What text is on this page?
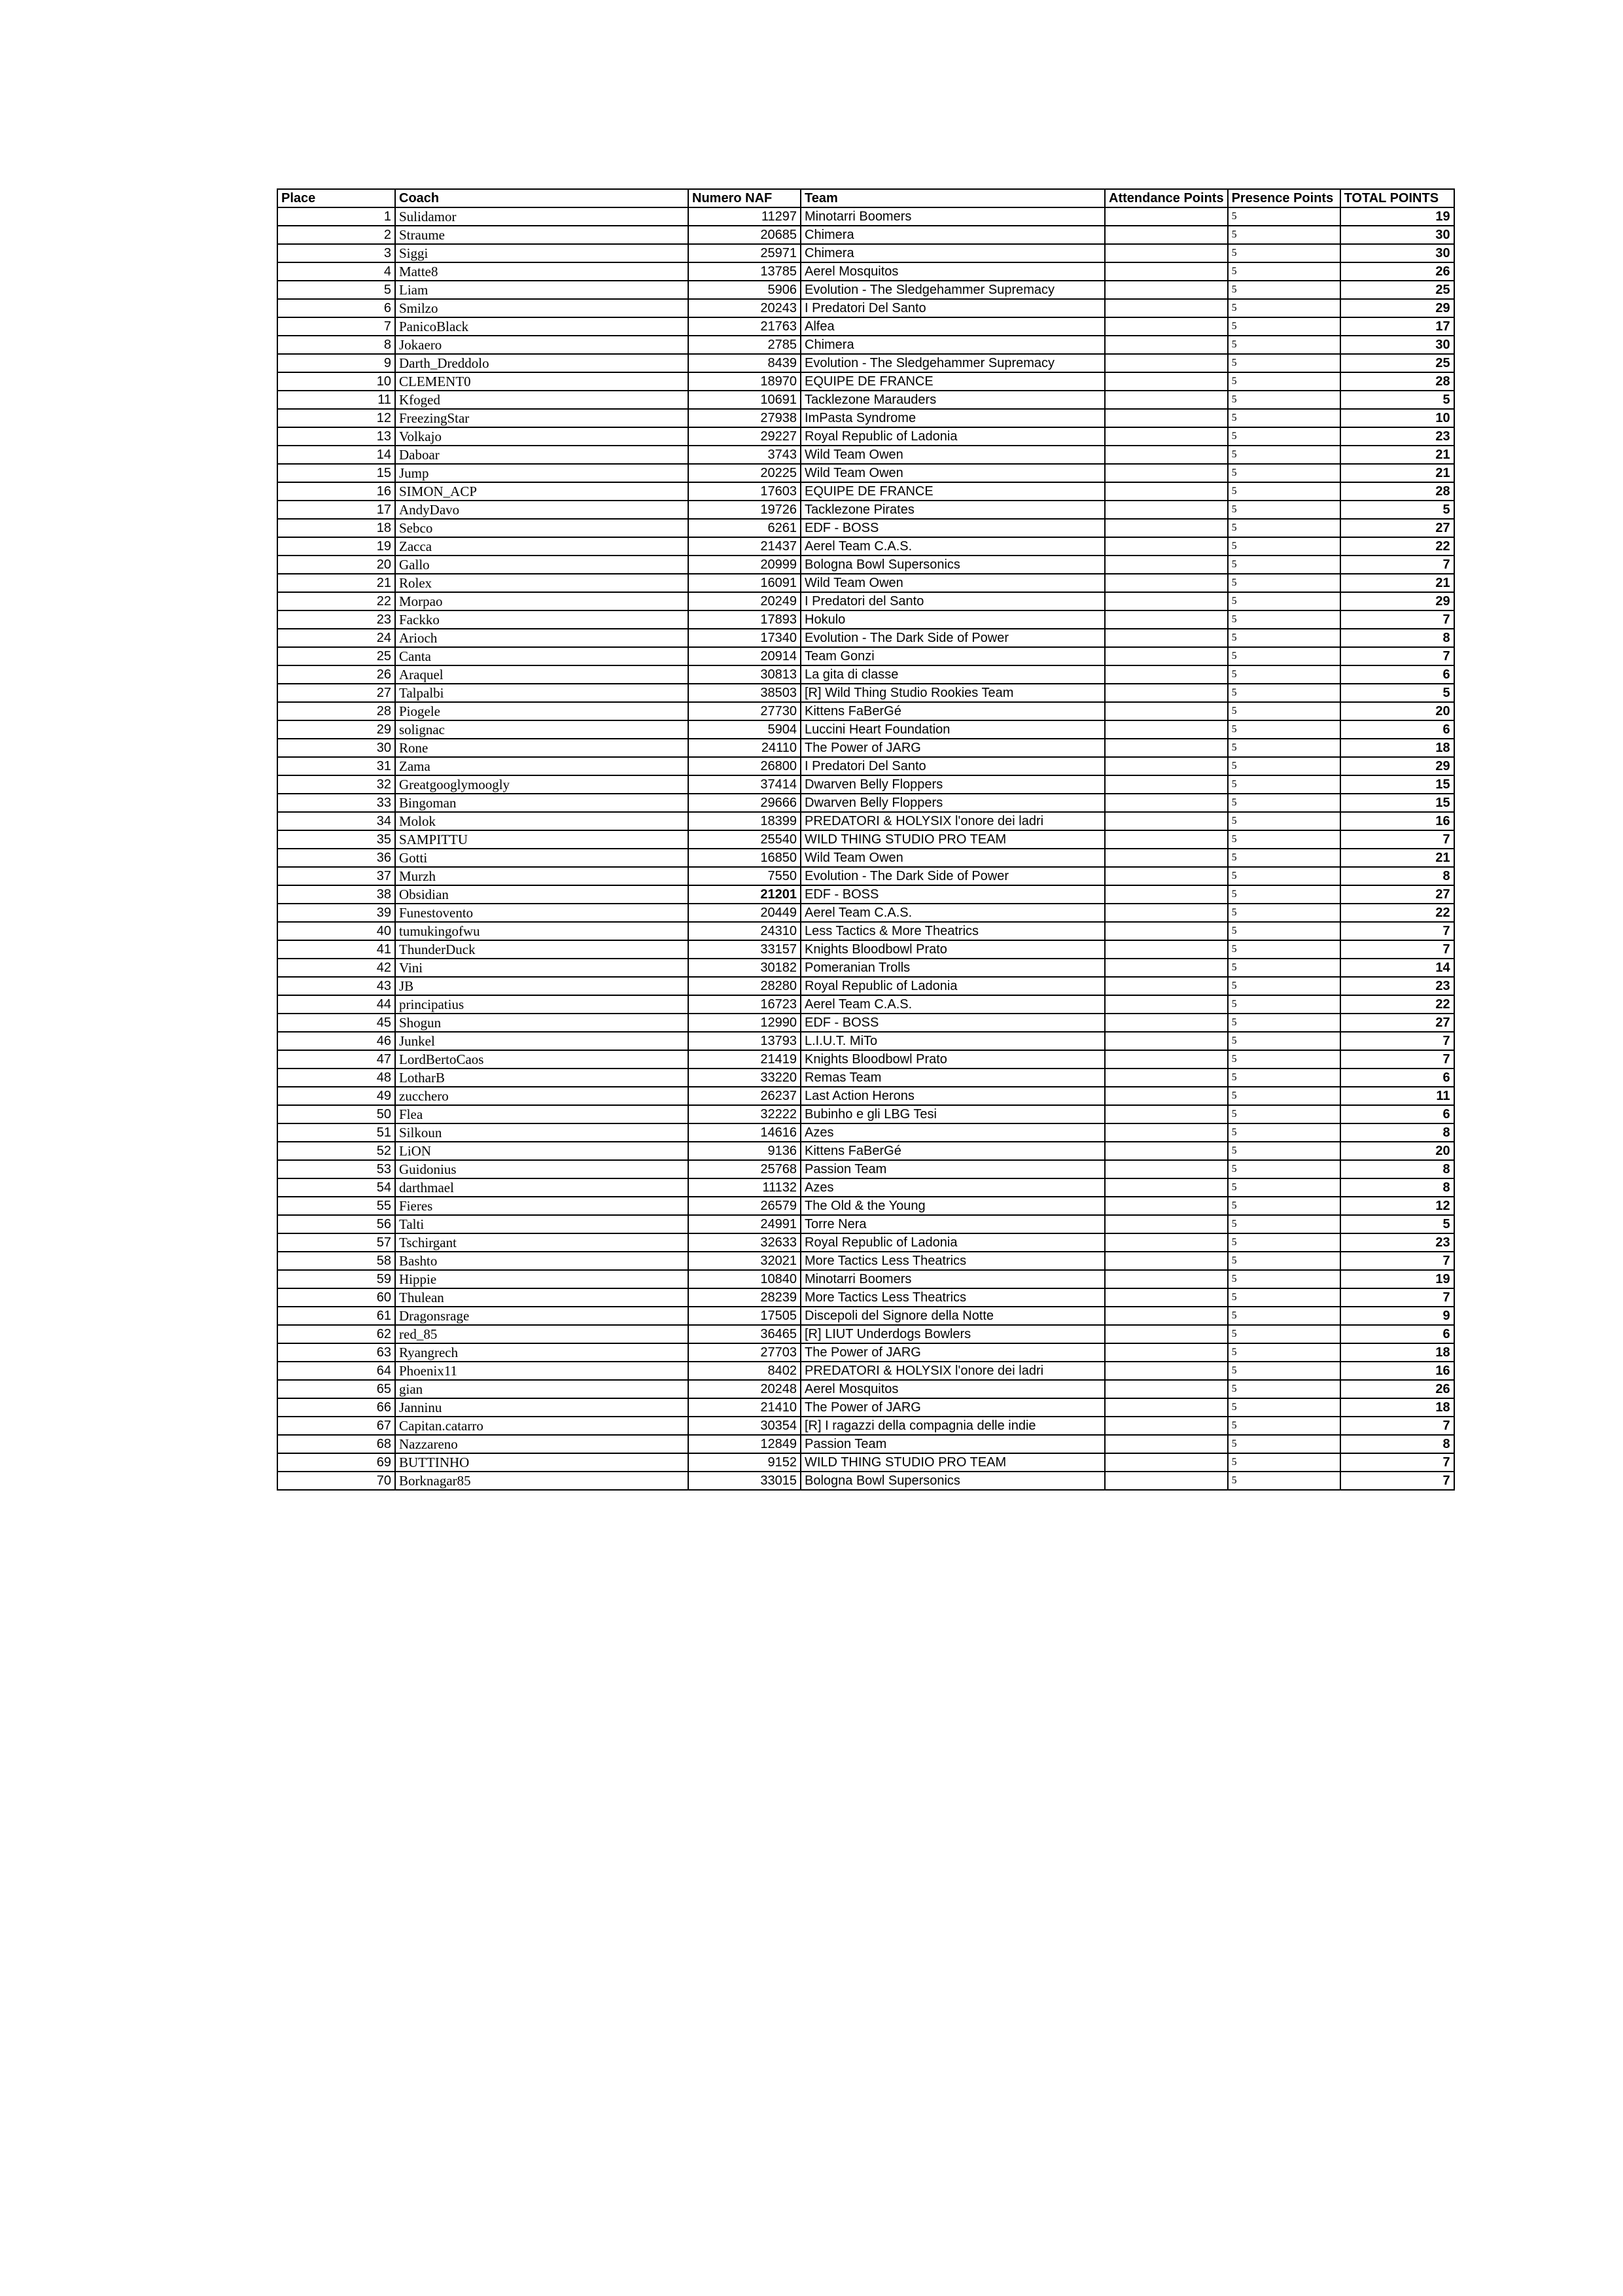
Place	Coach	Numero NAF	Team	Attendance Points	Presence Points	TOTAL POINTS
1	Sulidamor	11297	Minotarri Boomers		5	19
2	Straume	20685	Chimera		5	30
3	Siggi	25971	Chimera		5	30
4	Matte8	13785	Aerel Mosquitos		5	26
5	Liam	5906	Evolution - The Sledgehammer Supremacy		5	25
6	Smilzo	20243	I Predatori Del Santo		5	29
7	PanicoBlack	21763	Alfea		5	17
8	Jokaero	2785	Chimera		5	30
9	Darth_Dreddolo	8439	Evolution - The Sledgehammer Supremacy		5	25
10	CLEMENT0	18970	EQUIPE DE FRANCE		5	28
11	Kfoged	10691	Tacklezone Marauders		5	5
12	FreezingStar	27938	ImPasta Syndrome		5	10
13	Volkajo	29227	Royal Republic of Ladonia		5	23
14	Daboar	3743	Wild Team Owen		5	21
15	Jump	20225	Wild Team Owen		5	21
16	SIMON_ACP	17603	EQUIPE DE FRANCE		5	28
17	AndyDavo	19726	Tacklezone Pirates		5	5
18	Sebco	6261	EDF - BOSS		5	27
19	Zacca	21437	Aerel Team C.A.S.		5	22
20	Gallo	20999	Bologna Bowl Supersonics		5	7
21	Rolex	16091	Wild Team Owen		5	21
22	Morpao	20249	I Predatori del Santo		5	29
23	Fackko	17893	Hokulo		5	7
24	Arioch	17340	Evolution - The Dark Side of Power		5	8
25	Canta	20914	Team Gonzi		5	7
26	Araquel	30813	La gita di classe		5	6
27	Talpalbi	38503	[R] Wild Thing Studio Rookies Team		5	5
28	Piogele	27730	Kittens FaBerGé		5	20
29	solignac	5904	Luccini Heart Foundation		5	6
30	Rone	24110	The Power of JARG		5	18
31	Zama	26800	I Predatori Del Santo		5	29
32	Greatgooglymoogly	37414	Dwarven Belly Floppers		5	15
33	Bingoman	29666	Dwarven Belly Floppers		5	15
34	Molok	18399	PREDATORI & HOLYSIX l'onore dei ladri		5	16
35	SAMPITTU	25540	WILD THING STUDIO PRO TEAM		5	7
36	Gotti	16850	Wild Team Owen		5	21
37	Murzh	7550	Evolution - The Dark Side of Power		5	8
38	Obsidian	21201	EDF - BOSS		5	27
39	Funestovento	20449	Aerel Team C.A.S.		5	22
40	tumukingofwu	24310	Less Tactics & More Theatrics		5	7
41	ThunderDuck	33157	Knights Bloodbowl Prato		5	7
42	Vini	30182	Pomeranian Trolls		5	14
43	JB	28280	Royal Republic of Ladonia		5	23
44	principatius	16723	Aerel Team C.A.S.		5	22
45	Shogun	12990	EDF - BOSS		5	27
46	Junkel	13793	L.I.U.T. MiTo		5	7
47	LordBertoCaos	21419	Knights Bloodbowl Prato		5	7
48	LotharB	33220	Remas Team		5	6
49	zucchero	26237	Last Action Herons		5	11
50	Flea	32222	Bubinho e gli LBG Tesi		5	6
51	Silkoun	14616	Azes		5	8
52	LiON	9136	Kittens FaBerGé		5	20
53	Guidonius	25768	Passion Team		5	8
54	darthmael	11132	Azes		5	8
55	Fieres	26579	The Old & the Young		5	12
56	Talti	24991	Torre Nera		5	5
57	Tschirgant	32633	Royal Republic of Ladonia		5	23
58	Bashto	32021	More Tactics Less Theatrics		5	7
59	Hippie	10840	Minotarri Boomers		5	19
60	Thulean	28239	More Tactics Less Theatrics		5	7
61	Dragonsrage	17505	Discepoli del Signore della Notte		5	9
62	red_85	36465	[R] LIUT Underdogs Bowlers		5	6
63	Ryangrech	27703	The Power of JARG		5	18
64	Phoenix11	8402	PREDATORI & HOLYSIX l'onore dei ladri		5	16
65	gian	20248	Aerel Mosquitos		5	26
66	Janninu	21410	The Power of JARG		5	18
67	Capitan.catarro	30354	[R] I ragazzi della compagnia delle indie		5	7
68	Nazzareno	12849	Passion Team		5	8
69	BUTTINHO	9152	WILD THING STUDIO PRO TEAM		5	7
70	Borknagar85	33015	Bologna Bowl Supersonics		5	7
